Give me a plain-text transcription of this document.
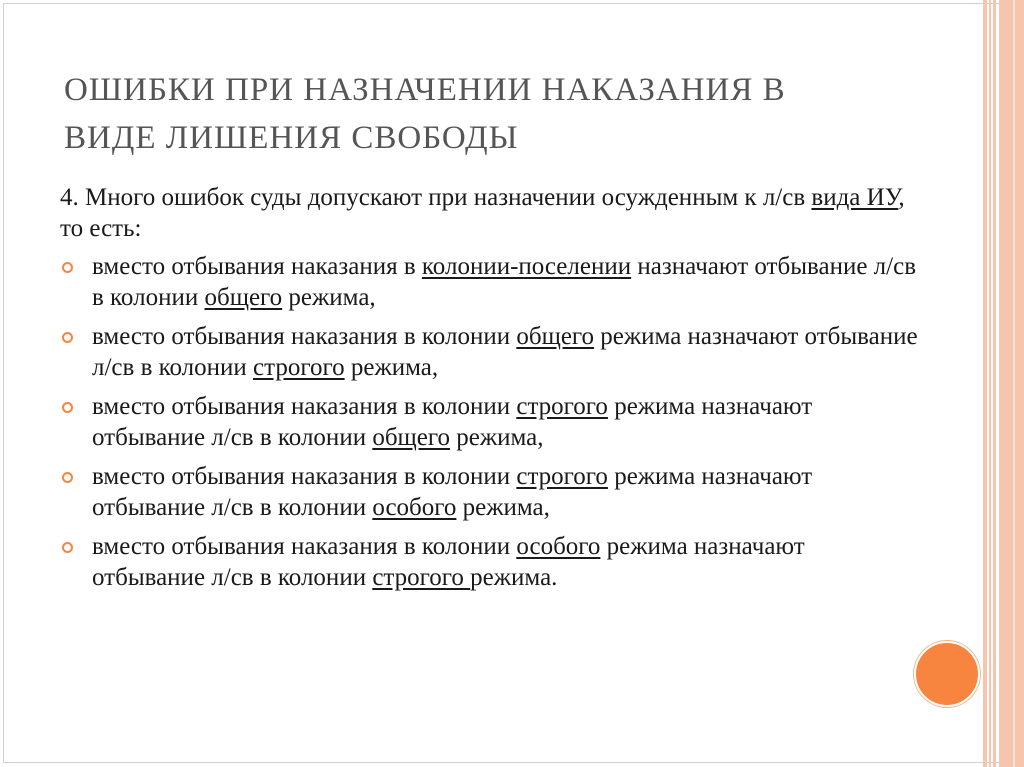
ОШИБКИ ПРИ НАЗНАЧЕНИИ НАКАЗАНИЯ В ВИДЕ ЛИШЕНИЯ СВОБОДЫ

4. Много ошибок суды допускают при назначении осужденным к л/св вида ИУ, то есть:

вместо отбывания наказания в колонии-поселении назначают отбывание л/св в колонии общего режима,
вместо отбывания наказания в колонии общего режима назначают отбывание л/св в колонии строгого режима,
вместо отбывания наказания в колонии строгого режима назначают отбывание л/св в колонии общего режима,
вместо отбывания наказания в колонии строгого режима назначают отбывание л/св в колонии особого режима,
вместо отбывания наказания в колонии особого режима назначают отбывание л/св в колонии строгого режима.
